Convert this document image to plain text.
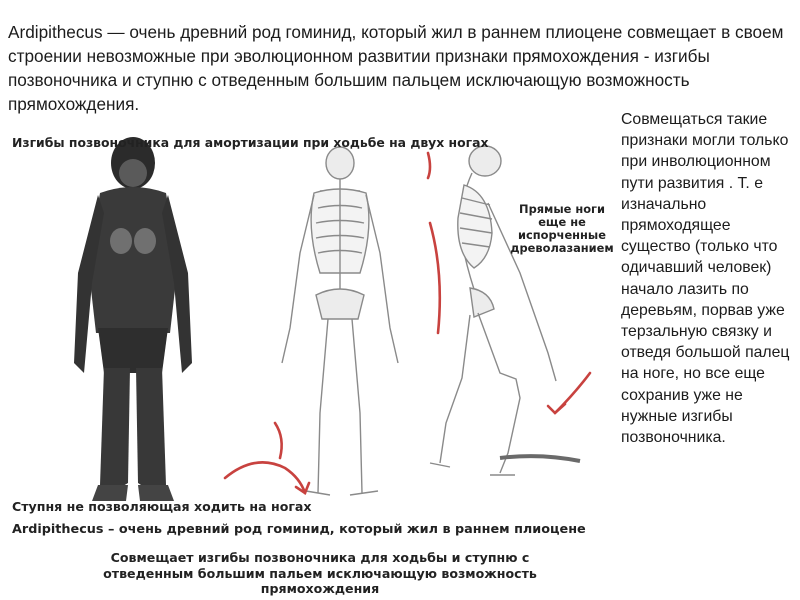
Ardipithecus — очень древний род гоминид, который жил в раннем плиоцене совмещает в своем строении невозможные при эволюционном развитии признаки прямохождения - изгибы позвоночника и ступню с отведенным большим пальцем исключающую возможность прямохождения.
Изгибы позвоночника для амортизации при ходьбе на двух ногах
Прямые ноги еще не испорченные древолазанием
Ступня не позволяющая ходить на ногах
Ardipithecus – очень древний род гоминид, который жил в раннем плиоцене
Совмещает изгибы позвоночника для ходьбы и ступню с отведенным большим пальем исключающую возможность прямохождения
Совмещаться такие признаки могли только при инволюционном пути развития . Т. е изначально прямоходящее существо (только что одичавший человек) начало лазить по деревьям, порвав уже терзальную связку и отведя большой палец на ноге, но все еще сохранив уже не нужные изгибы позвоночника.
